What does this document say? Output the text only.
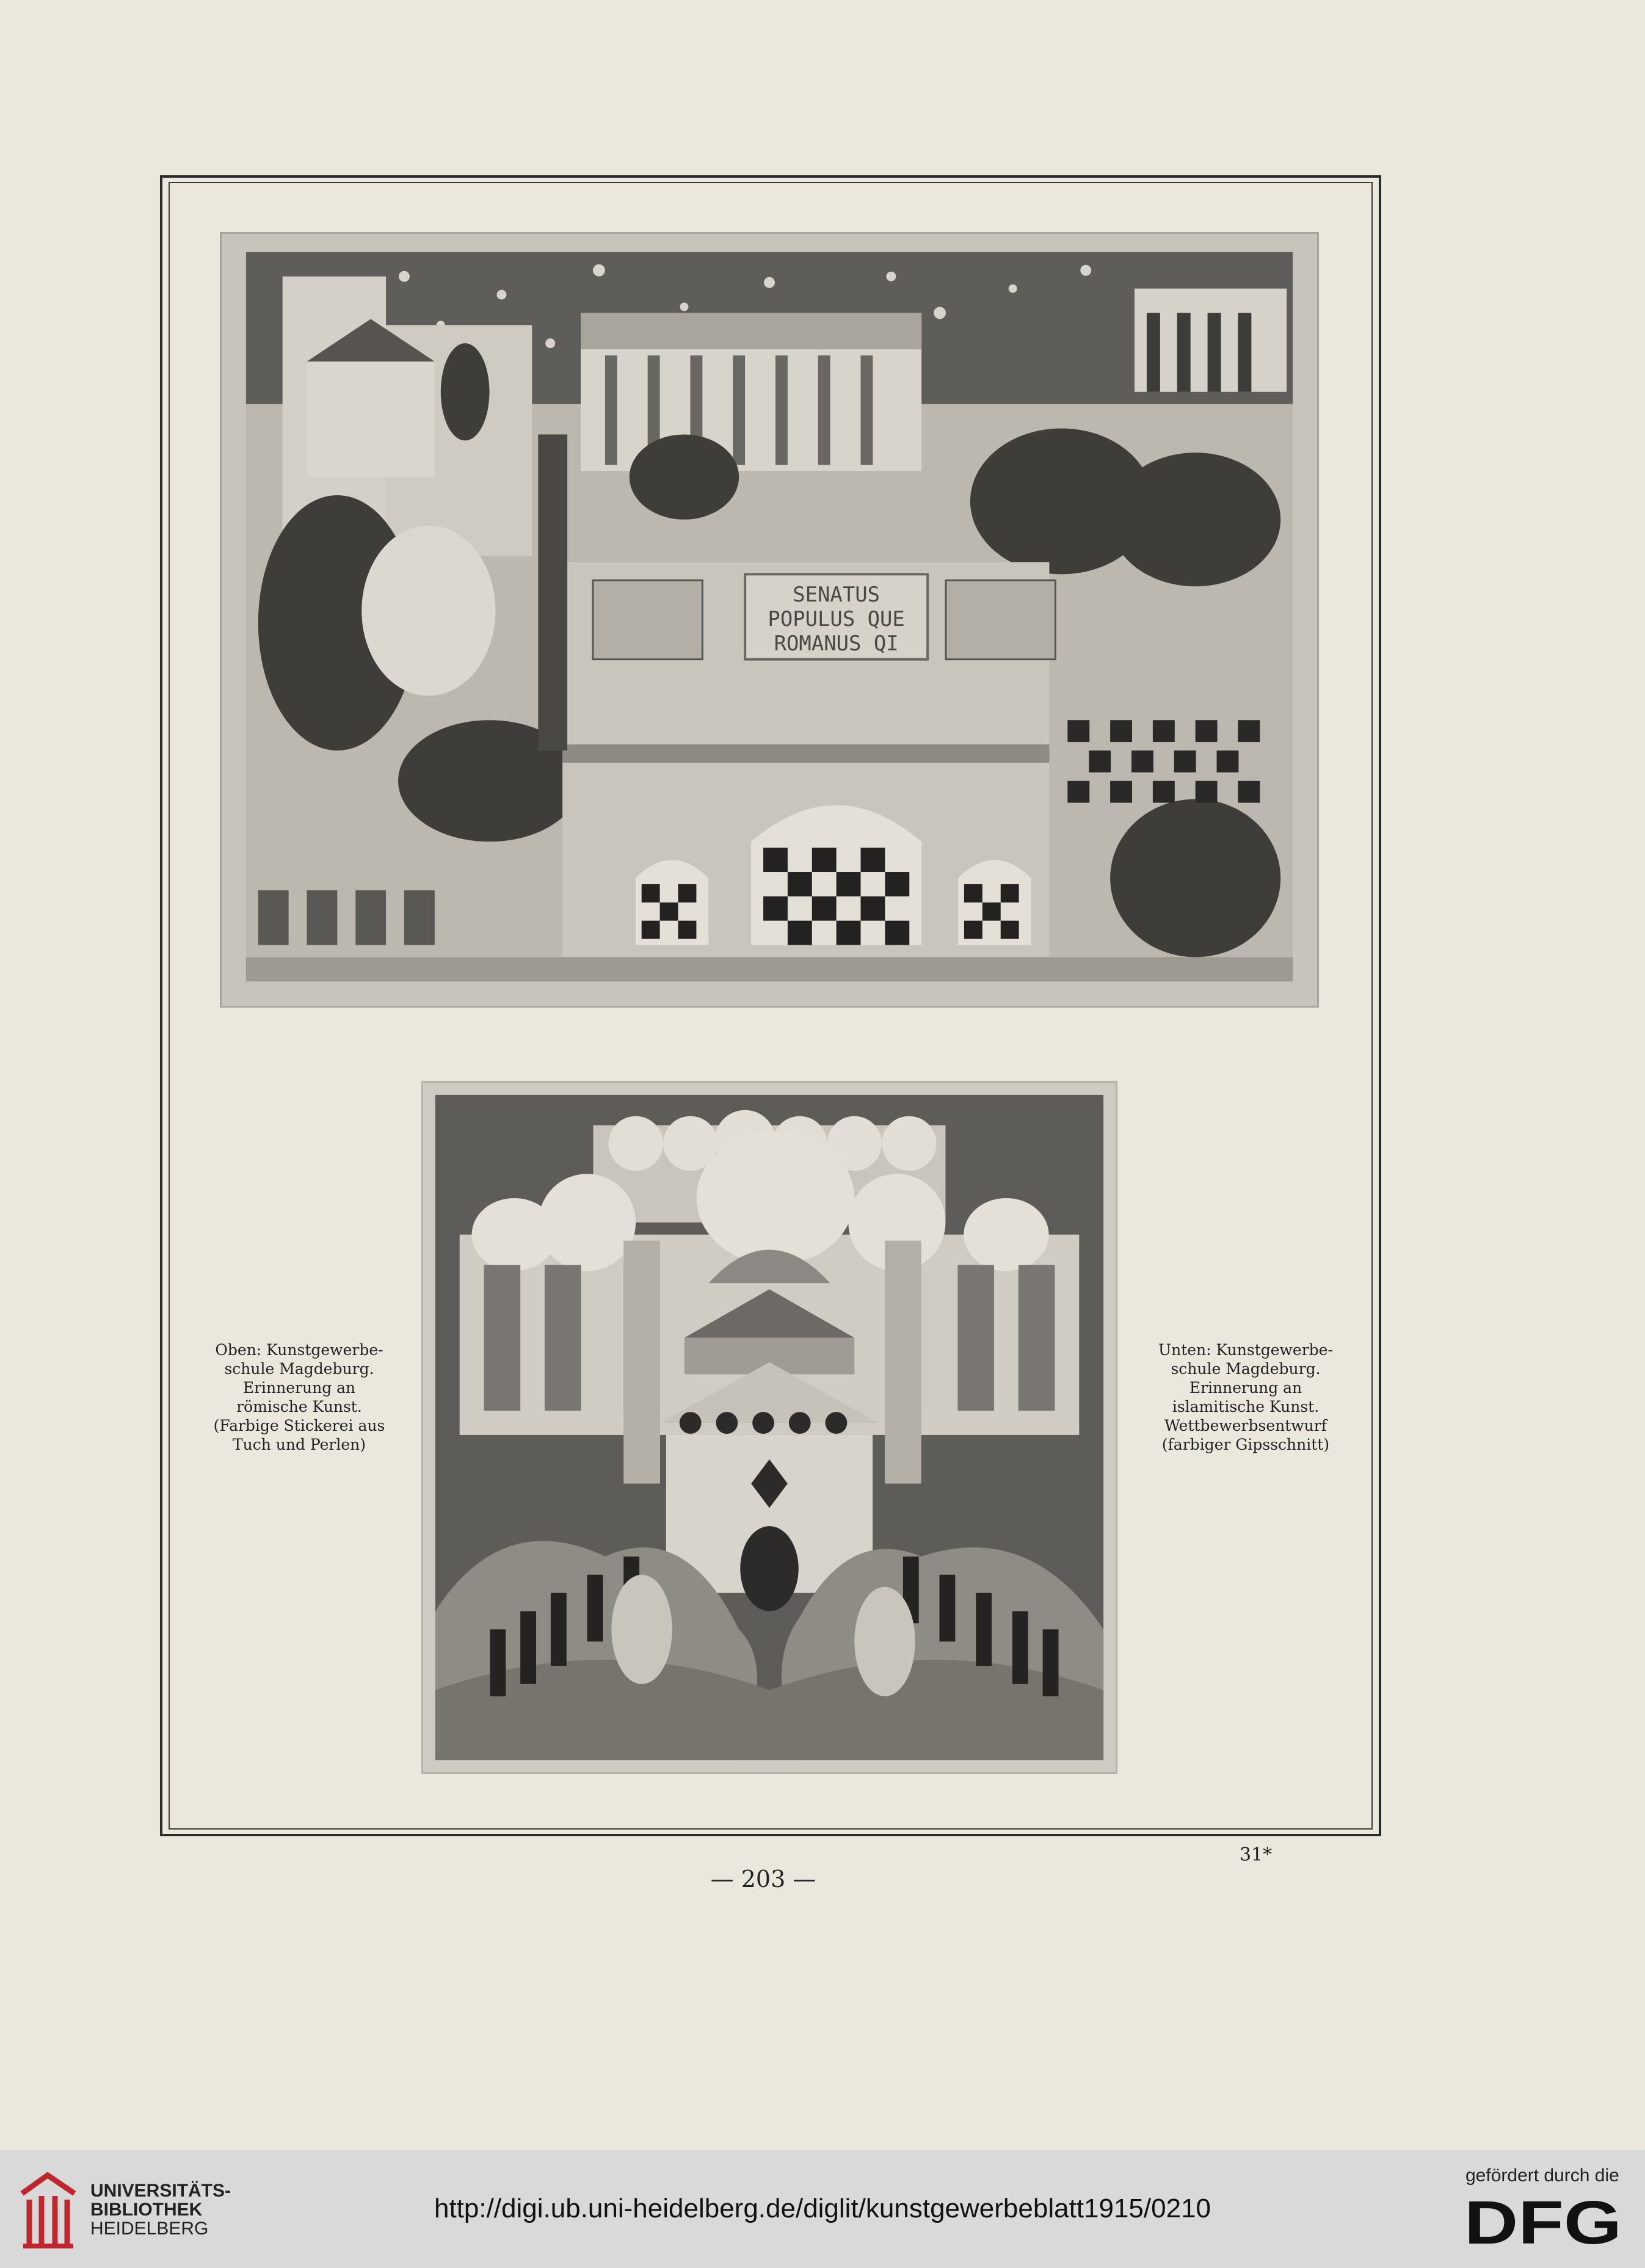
SENATUS
POPULUS QUE
ROMANUS QI
Oben: Kunstgewerbe-
schule Magdeburg.
Erinnerung an
römische Kunst.
(Farbige Stickerei aus
Tuch und Perlen)
Unten: Kunstgewerbe-
schule Magdeburg.
Erinnerung an
islamitische Kunst.
Wettbewerbsentwurf
(farbiger Gipsschnitt)
31*
— 203 —
UNIVERSITÄTS-
BIBLIOTHEK
HEIDELBERG
http://digi.ub.uni-heidelberg.de/diglit/kunstgewerbeblatt1915/0210
gefördert durch die
DFG
